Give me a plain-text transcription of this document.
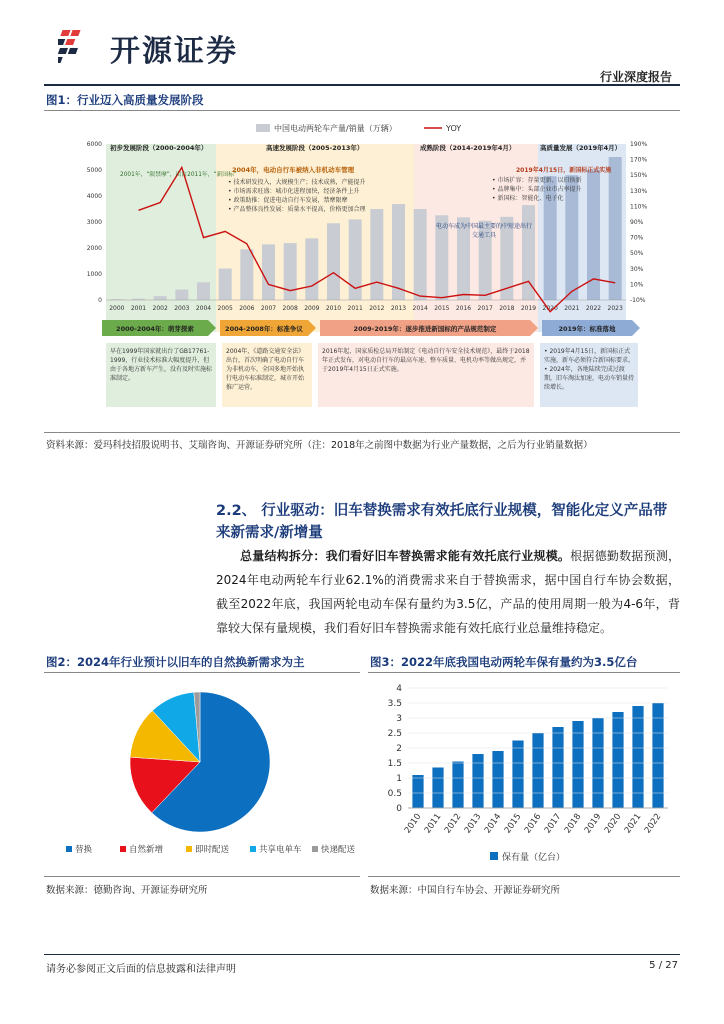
开源证券
行业深度报告
图1：行业迈入高质量发展阶段
中国电动两轮车产量/销量（万辆）	YOY
初步发展阶段（2000-2004年）	高速发展阶段（2005-2013年）	成熟阶段（2014-2019年4月）	高质量发展（2019年4月）
2000 2001 2002 2003 2004 2005 2006 2007 2008 2009 2010 2011 2012 2013 2014 2015 2016 2017 2018 2019 2020 2021 2022 2023
0
1000
2000
3000
4000
5000
6000
-10%
10%
30%
50%
70%
90%
110%
130%
150%
170%
190%
2001年，“限禁摩”，出台2011年，“新国标”
2004年，电动自行车被纳入非机动车管理
• 技术研发投入，大规模生产；技术成熟，产能提升
• 市场需求旺盛：城市化进程加快，经济条件上升
• 政策助推：促进电动自行车发展，禁摩限摩
• 产品整体良性发展：质量水平提高，价格更加合理
电动车成为中国最主要的中短途出行交通工具
2019年4月15日，新国标正式实施
• 市场扩容：存量更新、以旧换新
• 品牌集中：头部企业市占率提升
• 新国标：智能化、电子化
2000-2004年：萌芽探索	2004-2008年：标准争议	2009-2019年：逐步推进新国标的产品规范制定	2019年：标准落地
早在1999年国家就出台了GB17761-1999，行业技术标准大幅度提升，但由于各地方新车产生，没有及时实施标准制定。
2004年，《道路交通安全法》出台，首次明确了电动自行车为非机动车，全国多地开始执行电动车标准制定，城市开始推广运营。
2016年起，国家质检总局开始制定《电动自行车安全技术规范》，最终于2018年正式发布，对电动自行车的最高车速、整车质量、电机功率等做出规定，并于2019年4月15日正式实施。
• 2019年4月15日，新国标正式实施，新车必须符合新国标要求。
• 2024年，各地陆续完成过渡期，旧车淘汰加速，电动车销量持续增长。
资料来源：爱玛科技招股说明书、艾瑞咨询、开源证券研究所（注：2018年之前图中数据为行业产量数据，之后为行业销量数据）
2.2、 行业驱动：旧车替换需求有效托底行业规模，智能化定义产品带来新需求/新增量
总量结构拆分：我们看好旧车替换需求能有效托底行业规模。根据德勤数据预测，2024年电动两轮车行业62.1%的消费需求来自于替换需求，据中国自行车协会数据，截至2022年底，我国两轮电动车保有量约为3.5亿，产品的使用周期一般为4-6年，背靠较大保有量规模，我们看好旧车替换需求能有效托底行业总量维持稳定。
图2：2024年行业预计以旧车的自然换新需求为主
替换	自然新增	即时配送	共享电单车 快递配送
数据来源：德勤咨询、开源证券研究所
图3：2022年底我国电动两轮车保有量约为3.5亿台
0
0.5
1
1.5
2
2.5
3
3.5
4
2010 2011 2012 2013 2014 2015 2016 2017 2018 2019 2020 2021 2022
保有量（亿台）
数据来源：中国自行车协会、开源证券研究所
请务必参阅正文后面的信息披露和法律声明	5 / 27
